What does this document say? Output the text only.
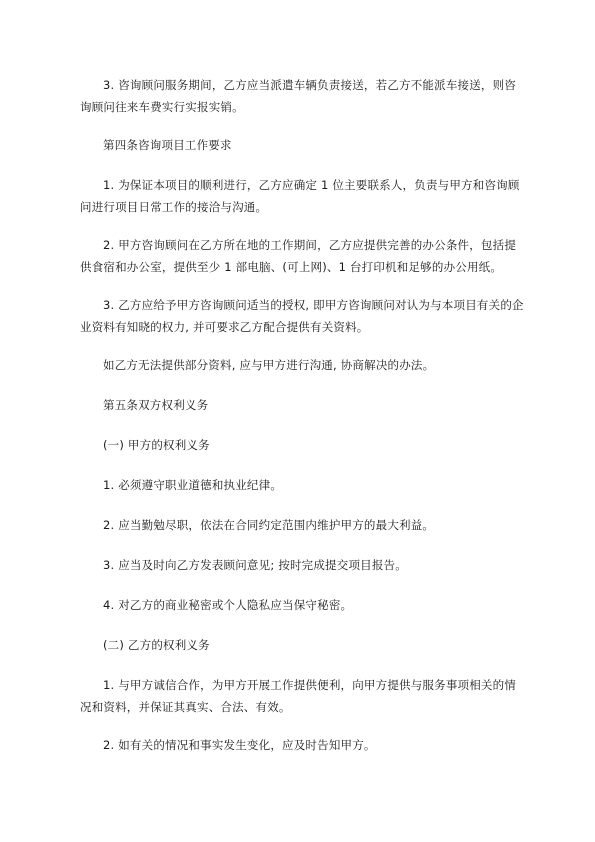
3. 咨询顾问服务期间，乙方应当派遣车辆负责接送，若乙方不能派车接送，则咨询顾问往来车费实行实报实销。

第四条咨询项目工作要求

1. 为保证本项目的顺利进行，乙方应确定 1 位主要联系人，负责与甲方和咨询顾问进行项目日常工作的接洽与沟通。

2. 甲方咨询顾问在乙方所在地的工作期间，乙方应提供完善的办公条件，包括提供食宿和办公室，提供至少 1 部电脑、(可上网)、1 台打印机和足够的办公用纸。

3. 乙方应给予甲方咨询顾问适当的授权, 即甲方咨询顾问对认为与本项目有关的企业资料有知晓的权力, 并可要求乙方配合提供有关资料。

如乙方无法提供部分资料, 应与甲方进行沟通, 协商解决的办法。

第五条双方权利义务

(一) 甲方的权利义务

1. 必须遵守职业道德和执业纪律。

2. 应当勤勉尽职，依法在合同约定范围内维护甲方的最大利益。

3. 应当及时向乙方发表顾问意见; 按时完成提交项目报告。

4. 对乙方的商业秘密或个人隐私应当保守秘密。

(二) 乙方的权利义务

1. 与甲方诚信合作，为甲方开展工作提供便利，向甲方提供与服务事项相关的情况和资料，并保证其真实、合法、有效。

2. 如有关的情况和事实发生变化，应及时告知甲方。
